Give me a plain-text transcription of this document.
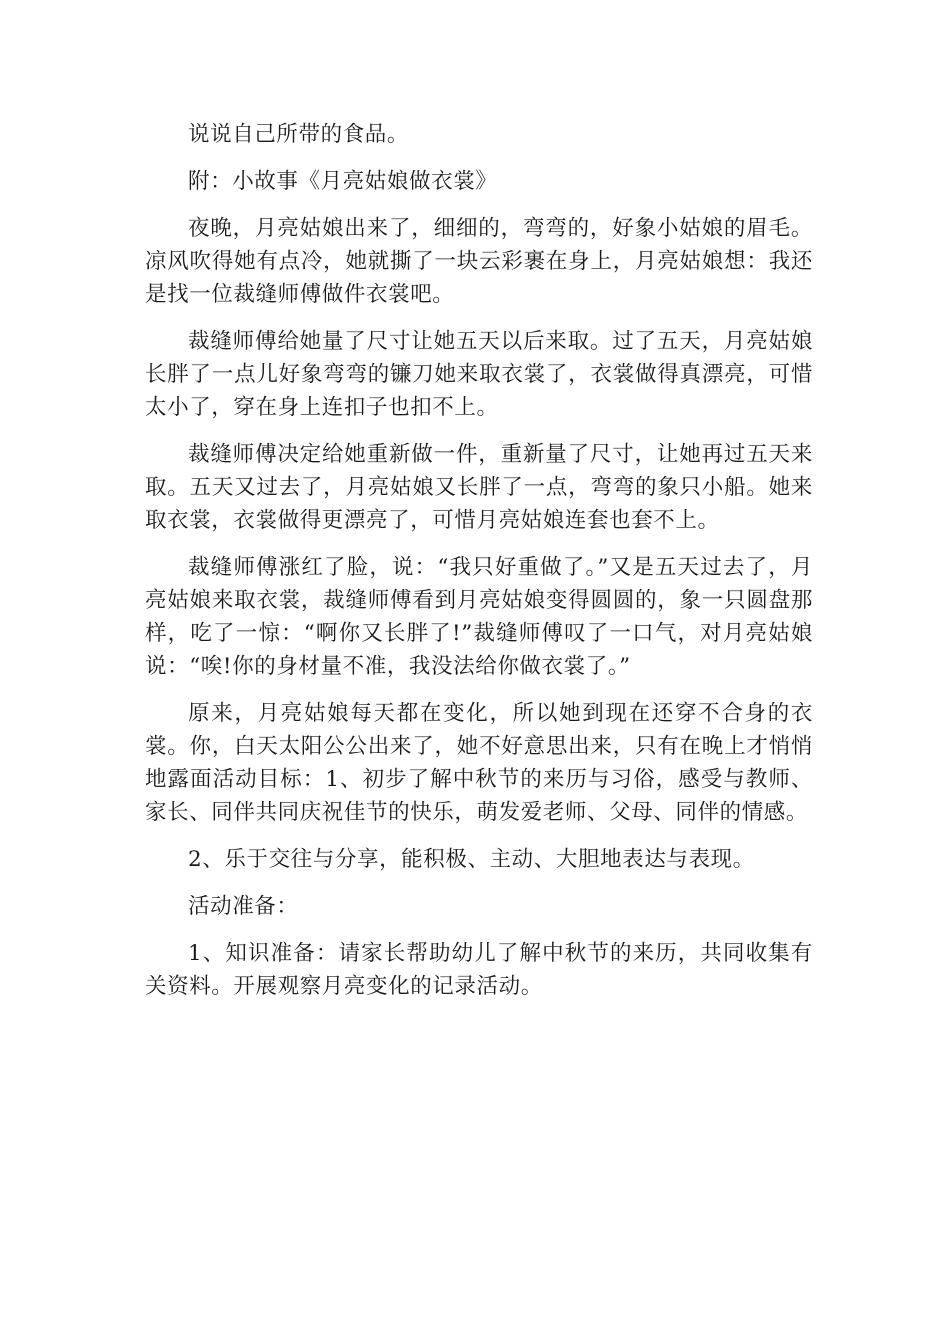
说说自己所带的食品。

附：小故事《月亮姑娘做衣裳》

夜晚，月亮姑娘出来了，细细的，弯弯的，好象小姑娘的眉毛。凉风吹得她有点冷，她就撕了一块云彩裹在身上，月亮姑娘想：我还是找一位裁缝师傅做件衣裳吧。

裁缝师傅给她量了尺寸让她五天以后来取。过了五天，月亮姑娘长胖了一点儿好象弯弯的镰刀她来取衣裳了，衣裳做得真漂亮，可惜太小了，穿在身上连扣子也扣不上。

裁缝师傅决定给她重新做一件，重新量了尺寸，让她再过五天来取。五天又过去了，月亮姑娘又长胖了一点，弯弯的象只小船。她来取衣裳，衣裳做得更漂亮了，可惜月亮姑娘连套也套不上。

裁缝师傅涨红了脸，说：“我只好重做了。”又是五天过去了，月亮姑娘来取衣裳，裁缝师傅看到月亮姑娘变得圆圆的，象一只圆盘那样，吃了一惊：“啊你又长胖了!”裁缝师傅叹了一口气，对月亮姑娘说：“唉!你的身材量不准，我没法给你做衣裳了。”

原来，月亮姑娘每天都在变化，所以她到现在还穿不合身的衣裳。你，白天太阳公公出来了，她不好意思出来，只有在晚上才悄悄地露面活动目标：1、初步了解中秋节的来历与习俗，感受与教师、家长、同伴共同庆祝佳节的快乐，萌发爱老师、父母、同伴的情感。

2、乐于交往与分享，能积极、主动、大胆地表达与表现。

活动准备：

1、知识准备：请家长帮助幼儿了解中秋节的来历，共同收集有关资料。开展观察月亮变化的记录活动。
